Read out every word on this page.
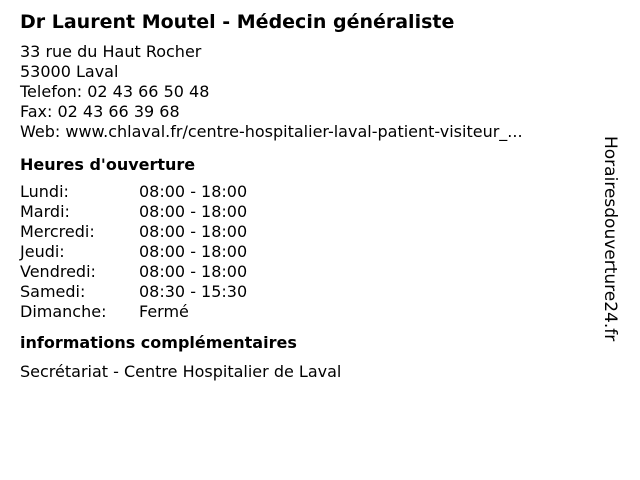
Dr Laurent Moutel - Médecin généraliste
33 rue du Haut Rocher
53000 Laval
Telefon: 02 43 66 50 48
Fax: 02 43 66 39 68
Web: www.chlaval.fr/centre-hospitalier-laval-patient-visiteur_...
Heures d'ouverture
Lundi:	08:00 - 18:00
Mardi:	08:00 - 18:00
Mercredi:	08:00 - 18:00
Jeudi:	08:00 - 18:00
Vendredi:	08:00 - 18:00
Samedi:	08:30 - 15:30
Dimanche:	Fermé
informations complémentaires
Secrétariat - Centre Hospitalier de Laval
Horairesdouverture24.fr
